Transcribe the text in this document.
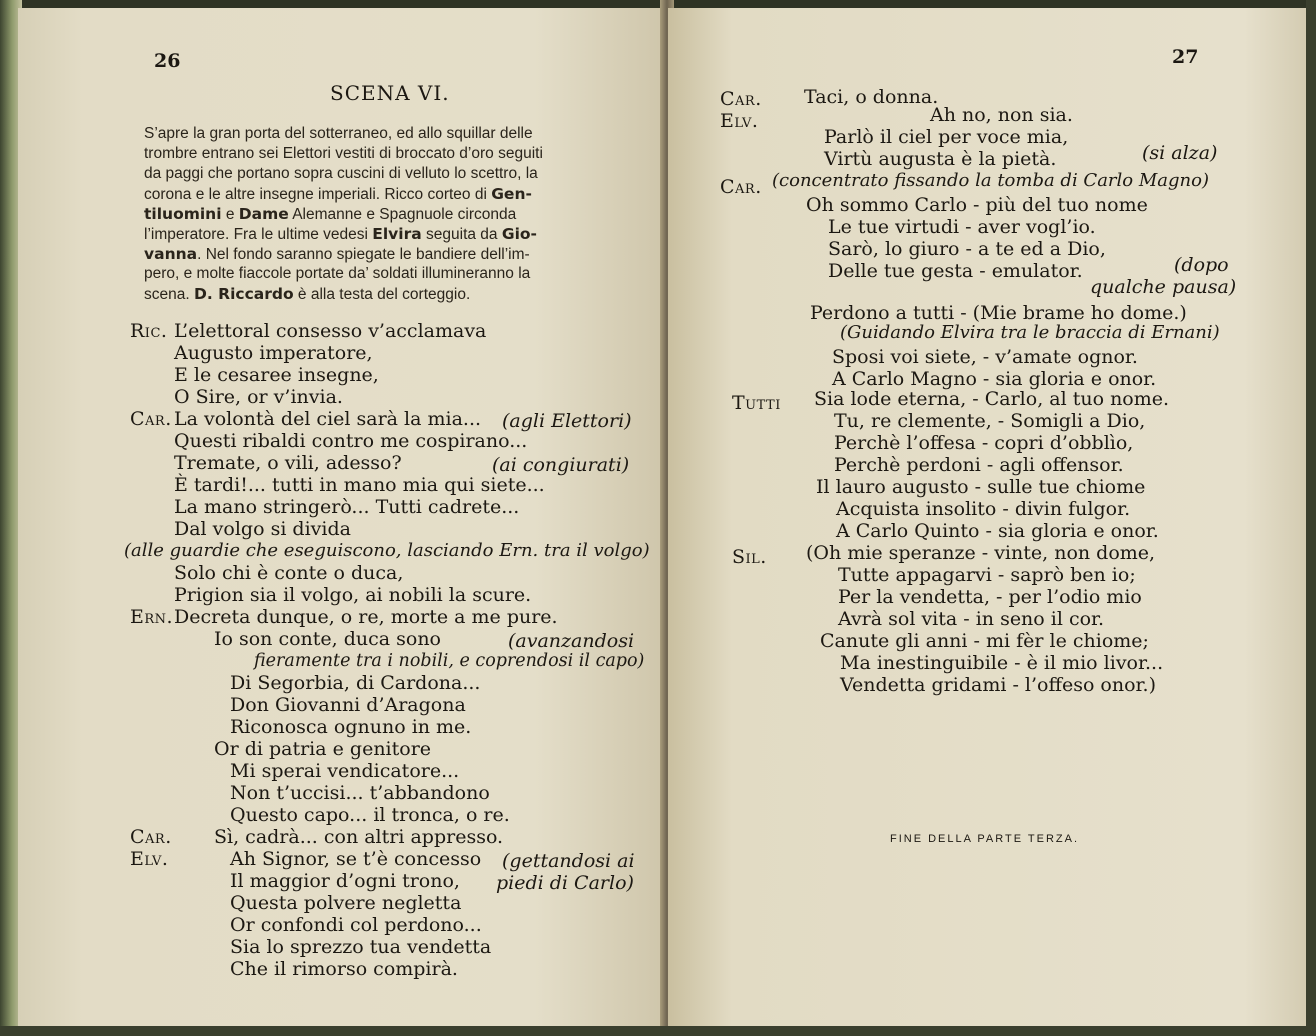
26
SCENA VI.
S’apre la gran porta del sotterraneo, ed allo squillar delle
trombre entrano sei Elettori vestiti di broccato d’oro seguiti
da paggi che portano sopra cuscini di velluto lo scettro, la
corona e le altre insegne imperiali. Ricco corteo di Gen-
tiluomini e Dame Alemanne e Spagnuole circonda
l’imperatore. Fra le ultime vedesi Elvira seguita da Gio-
vanna. Nel fondo saranno spiegate le bandiere dell’im-
pero, e molte fiaccole portate da’ soldati illumineranno la
scena. D. Riccardo è alla testa del corteggio.
Ric. L’elettoral consesso v’acclamava
Augusto imperatore,
E le cesaree insegne,
O Sire, or v’invia.
Car. La volontà del ciel sarà la mia... (agli Elettori)
Questi ribaldi contro me cospirano...
Tremate, o vili, adesso?	(ai congiurati)
È tardi!... tutti in mano mia qui siete...
La mano stringerò... Tutti cadrete...
Dal volgo si divida
(alle guardie che eseguiscono, lasciando Ern. tra il volgo)
Solo chi è conte o duca,
Prigion sia il volgo, ai nobili la scure.
Ern. Decreta dunque, o re, morte a me pure.
Io son conte, duca sono	(avanzandosi
fieramente tra i nobili, e coprendosi il capo)
Di Segorbia, di Cardona...
Don Giovanni d’Aragona
Riconosca ognuno in me.
Or di patria e genitore
Mi sperai vendicatore...
Non t’uccisi... t’abbandono
Questo capo... il tronca, o re.
Car. Sì, cadrà... con altri appresso.
Elv.	Ah Signor, se t’è concesso (gettandosi ai
Il maggior d’ogni trono, piedi di Carlo)
Questa polvere negletta
Or confondi col perdono...
Sia lo sprezzo tua vendetta
Che il rimorso compirà.
27
Car. Taci, o donna.
Elv.	Ah no, non sia.
Parlò il ciel per voce mia,
Virtù augusta è la pietà.	(si alza)
Car. (concentrato fissando la tomba di Carlo Magno)
Oh sommo Carlo - più del tuo nome
Le tue virtudi - aver vogl’io.
Sarò, lo giuro - a te ed a Dio,
Delle tue gesta - emulator.	(dopo
qualche pausa)
Perdono a tutti - (Mie brame ho dome.)
(Guidando Elvira tra le braccia di Ernani)
Sposi voi siete, - v’amate ognor.
A Carlo Magno - sia gloria e onor.
Tutti Sia lode eterna, - Carlo, al tuo nome.
Tu, re clemente, - Somigli a Dio,
Perchè l’offesa - copri d’obblìo,
Perchè perdoni - agli offensor.
Il lauro augusto - sulle tue chiome
Acquista insolito - divin fulgor.
A Carlo Quinto - sia gloria e onor.
Sil. (Oh mie speranze - vinte, non dome,
Tutte appagarvi - saprò ben io;
Per la vendetta, - per l’odio mio
Avrà sol vita - in seno il cor.
Canute gli anni - mi fèr le chiome;
Ma inestinguibile - è il mio livor...
Vendetta gridami - l’offeso onor.)
FINE DELLA PARTE TERZA.
